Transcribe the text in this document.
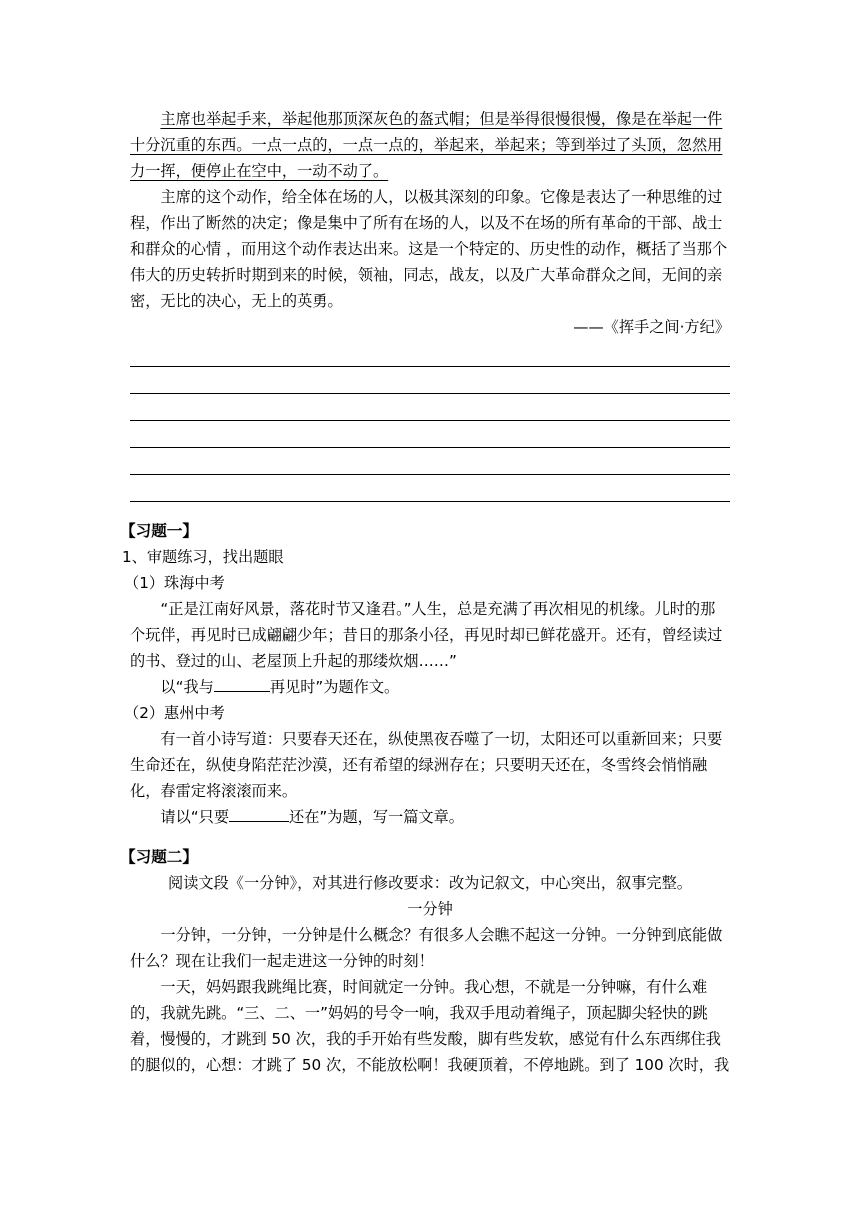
主席也举起手来，举起他那顶深灰色的盔式帽；但是举得很慢很慢，像是在举起一件十分沉重的东西。一点一点的，一点一点的，举起来，举起来；等到举过了头顶，忽然用力一挥，便停止在空中，一动不动了。

主席的这个动作，给全体在场的人，以极其深刻的印象。它像是表达了一种思维的过程，作出了断然的决定；像是集中了所有在场的人，以及不在场的所有革命的干部、战士和群众的心情 ，而用这个动作表达出来。这是一个特定的、历史性的动作，概括了当那个伟大的历史转折时期到来的时候，领袖，同志，战友，以及广大革命群众之间，无间的亲密，无比的决心，无上的英勇。

——《挥手之间·方纪》

【习题一】

1、审题练习，找出题眼

（1）珠海中考

“正是江南好风景，落花时节又逢君。”人生，总是充满了再次相见的机缘。儿时的那个玩伴，再见时已成翩翩少年；昔日的那条小径，再见时却已鲜花盛开。还有，曾经读过的书、登过的山、老屋顶上升起的那缕炊烟……”

以“我与	再见时”为题作文。

（2）惠州中考

有一首小诗写道：只要春天还在，纵使黑夜吞噬了一切，太阳还可以重新回来；只要生命还在，纵使身陷茫茫沙漠，还有希望的绿洲存在；只要明天还在，冬雪终会悄悄融化，春雷定将滚滚而来。

请以“只要	还在”为题，写一篇文章。

【习题二】

阅读文段《一分钟》，对其进行修改要求：改为记叙文，中心突出，叙事完整。

一分钟

一分钟，一分钟，一分钟是什么概念？有很多人会瞧不起这一分钟。一分钟到底能做什么？现在让我们一起走进这一分钟的时刻！

一天，妈妈跟我跳绳比赛，时间就定一分钟。我心想，不就是一分钟嘛，有什么难的，我就先跳。“三、二、一”妈妈的号令一响，我双手甩动着绳子，顶起脚尖轻快的跳着，慢慢的，才跳到 50 次，我的手开始有些发酸，脚有些发软，感觉有什么东西绑住我的腿似的，心想：才跳了 50 次，不能放松啊！我硬顶着，不停地跳。到了 100 次时，我
